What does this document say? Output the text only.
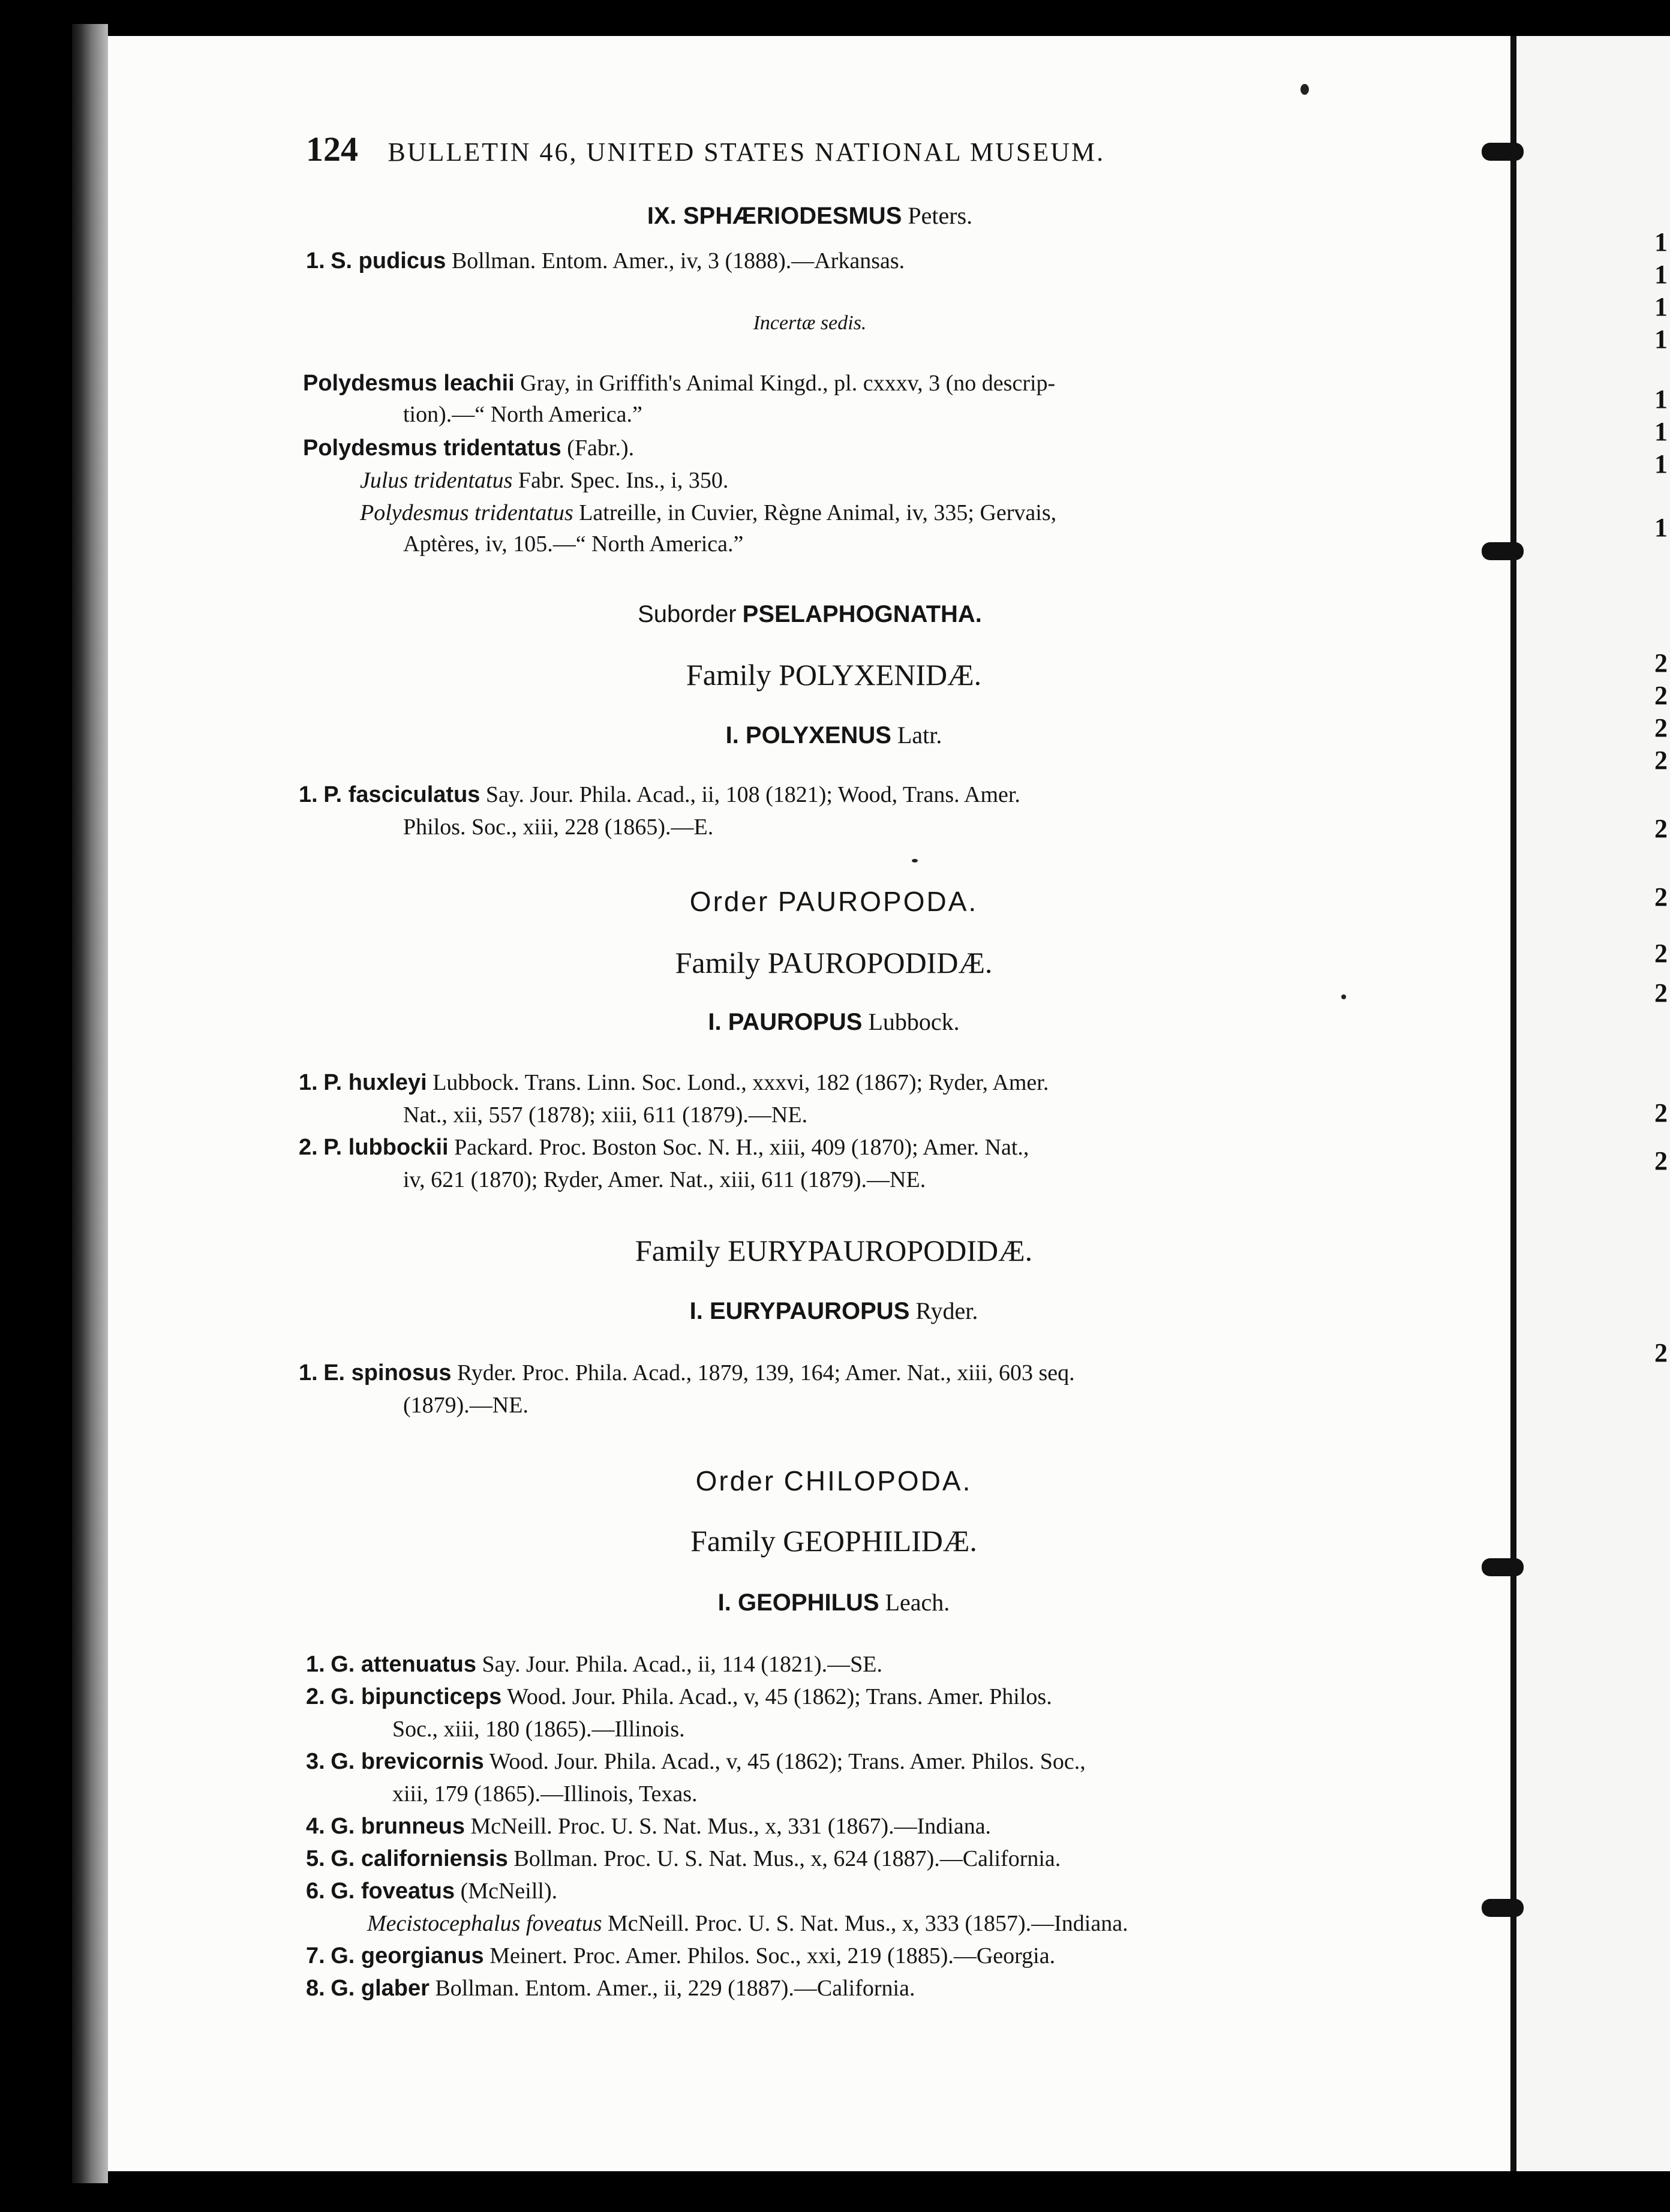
124 BULLETIN 46, UNITED STATES NATIONAL MUSEUM.
IX. SPHÆRIODESMUS Peters.
1. S. pudicus Bollman. Entom. Amer., iv, 3 (1888).—Arkansas.
Incertæ sedis.
Polydesmus leachii Gray, in Griffith's Animal Kingd., pl. cxxxv, 3 (no descrip-
tion).—“ North America.”
Polydesmus tridentatus (Fabr.).
Julus tridentatus Fabr. Spec. Ins., i, 350.
Polydesmus tridentatus Latreille, in Cuvier, Règne Animal, iv, 335; Gervais,
Aptères, iv, 105.—“ North America.”
Suborder PSELAPHOGNATHA.
Family POLYXENIDÆ.
I. POLYXENUS Latr.
1. P. fasciculatus Say. Jour. Phila. Acad., ii, 108 (1821); Wood, Trans. Amer.
Philos. Soc., xiii, 228 (1865).—E.
Order PAUROPODA.
Family PAUROPODIDÆ.
I. PAUROPUS Lubbock.
1. P. huxleyi Lubbock. Trans. Linn. Soc. Lond., xxxvi, 182 (1867); Ryder, Amer.
Nat., xii, 557 (1878); xiii, 611 (1879).—NE.
2. P. lubbockii Packard. Proc. Boston Soc. N. H., xiii, 409 (1870); Amer. Nat.,
iv, 621 (1870); Ryder, Amer. Nat., xiii, 611 (1879).—NE.
Family EURYPAUROPODIDÆ.
I. EURYPAUROPUS Ryder.
1. E. spinosus Ryder. Proc. Phila. Acad., 1879, 139, 164; Amer. Nat., xiii, 603 seq.
(1879).—NE.
Order CHILOPODA.
Family GEOPHILIDÆ.
I. GEOPHILUS Leach.
1. G. attenuatus Say. Jour. Phila. Acad., ii, 114 (1821).—SE.
2. G. bipuncticeps Wood. Jour. Phila. Acad., v, 45 (1862); Trans. Amer. Philos.
Soc., xiii, 180 (1865).—Illinois.
3. G. brevicornis Wood. Jour. Phila. Acad., v, 45 (1862); Trans. Amer. Philos. Soc.,
xiii, 179 (1865).—Illinois, Texas.
4. G. brunneus McNeill. Proc. U. S. Nat. Mus., x, 331 (1867).—Indiana.
5. G. californiensis Bollman. Proc. U. S. Nat. Mus., x, 624 (1887).—California.
6. G. foveatus (McNeill).
Mecistocephalus foveatus McNeill. Proc. U. S. Nat. Mus., x, 333 (1857).—Indiana.
7. G. georgianus Meinert. Proc. Amer. Philos. Soc., xxi, 219 (1885).—Georgia.
8. G. glaber Bollman. Entom. Amer., ii, 229 (1887).—California.
1
1
1
1
1
1
1
1
2
2
2
2
2
2
2
2
2
2
2
